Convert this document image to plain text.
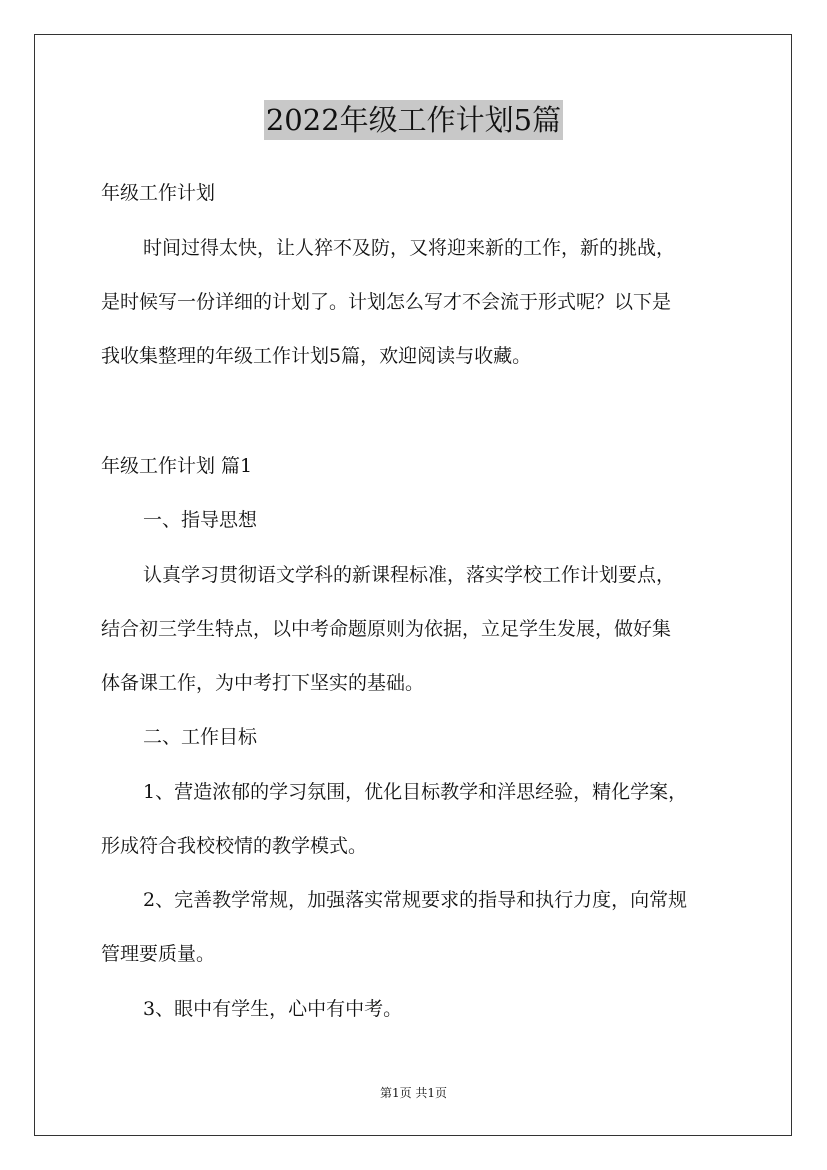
2022年级工作计划5篇
年级工作计划
时间过得太快，让人猝不及防，又将迎来新的工作，新的挑战，
是时候写一份详细的计划了。计划怎么写才不会流于形式呢？以下是
我收集整理的年级工作计划5篇，欢迎阅读与收藏。
年级工作计划 篇1
一、指导思想
认真学习贯彻语文学科的新课程标准，落实学校工作计划要点，
结合初三学生特点，以中考命题原则为依据，立足学生发展，做好集
体备课工作，为中考打下坚实的基础。
二、工作目标
1、营造浓郁的学习氛围，优化目标教学和洋思经验，精化学案，
形成符合我校校情的教学模式。
2、完善教学常规，加强落实常规要求的指导和执行力度，向常规
管理要质量。
3、眼中有学生，心中有中考。
第1页 共1页
